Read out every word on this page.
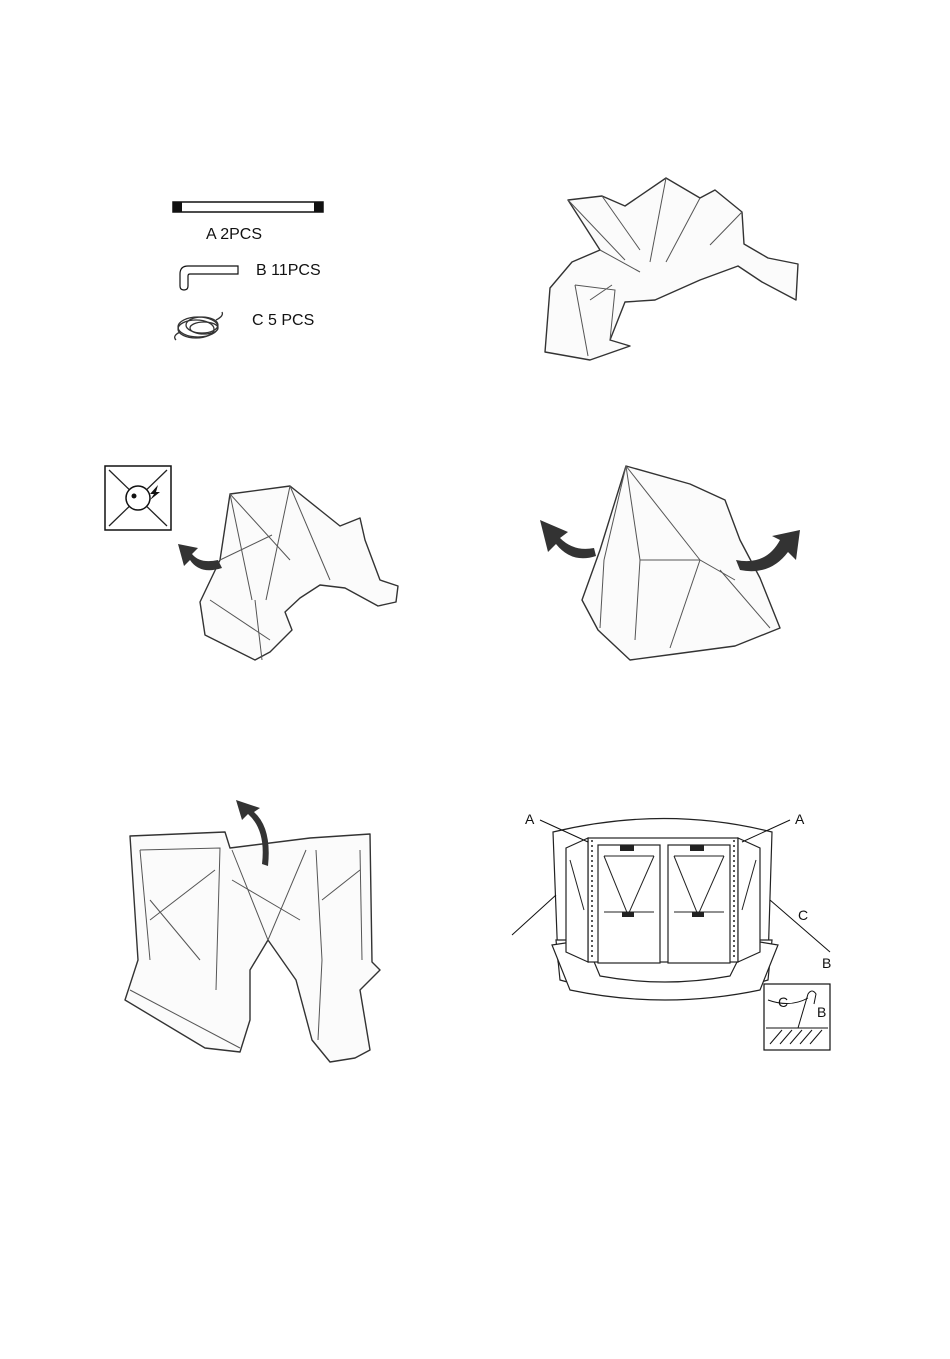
A 2PCS
B 11PCS
C 5 PCS
A	A
C
B
C
B
